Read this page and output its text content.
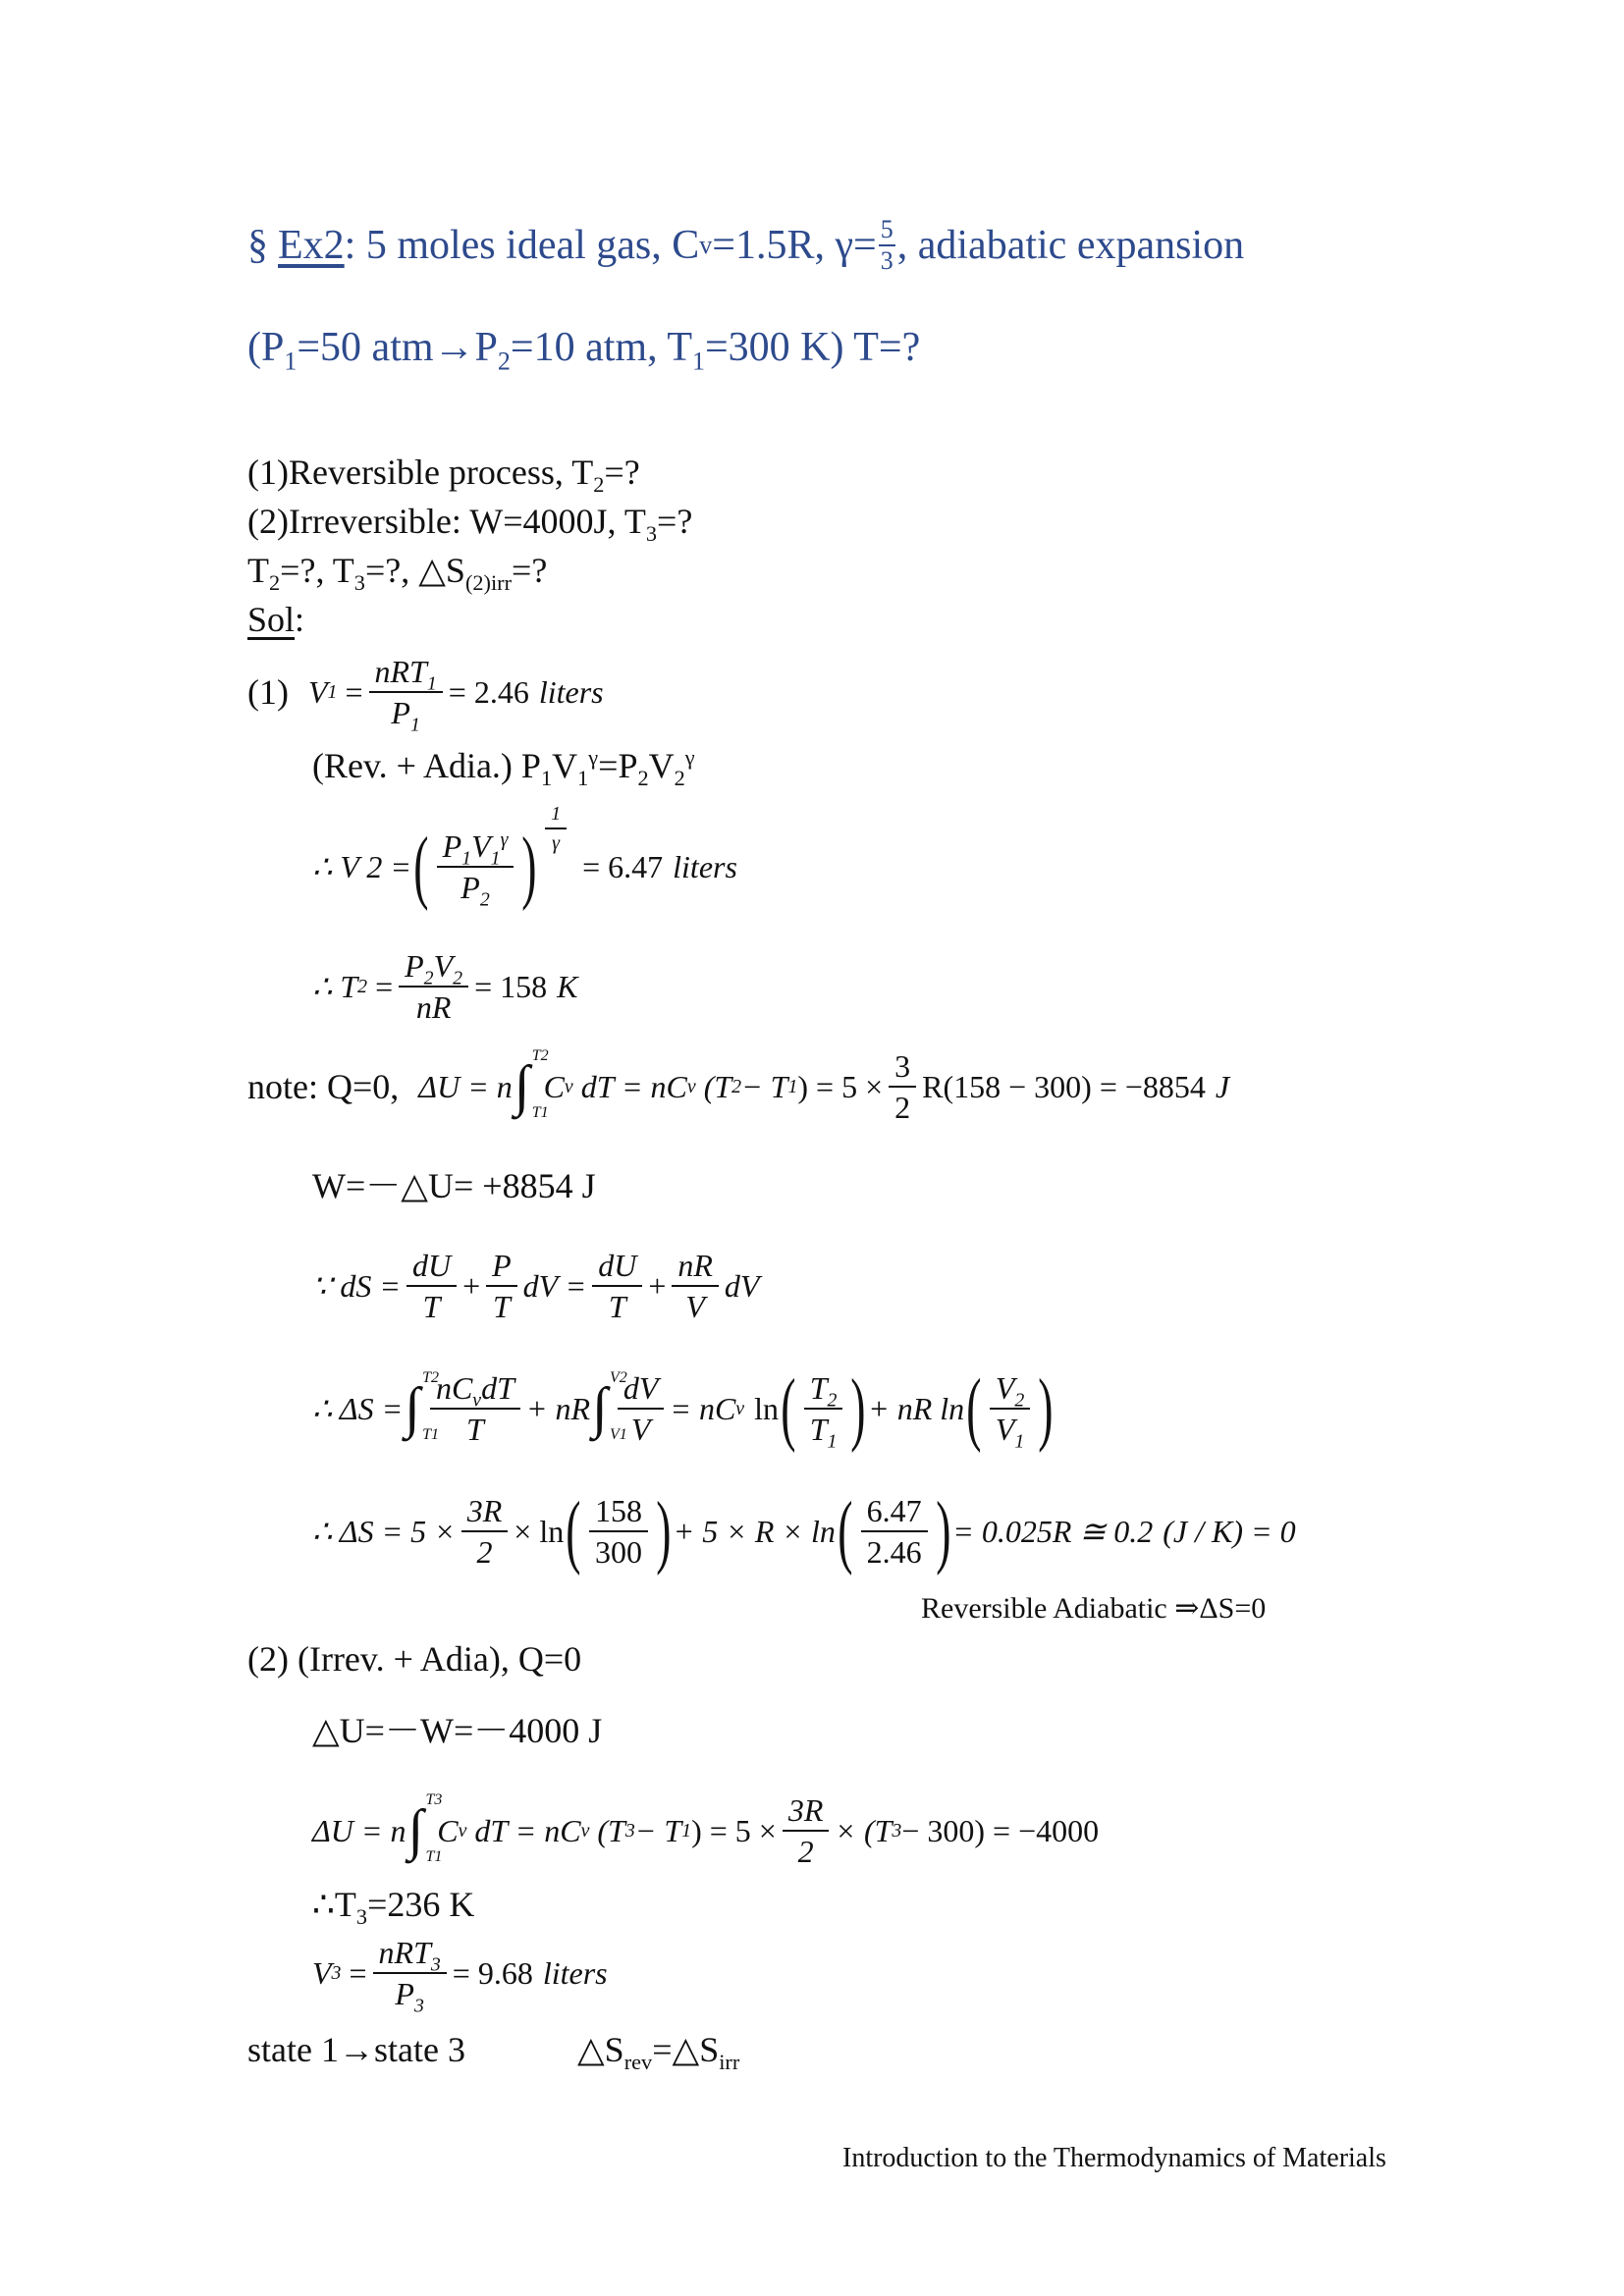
§ Ex2 : 5 moles ideal gas, C v =1.5R, $\gamma= \frac{5}{3}$ , adiabatic expansion
($P_1=50$ $atm\to P_2=10$ atm, $T_1=300$ K) T=?
(1)Reversible process, $T_2=$?
(2)Irreversible: W=4000J, $T_3=$?
$T_2=$?, $T_3=$?, $\triangle S_{(2)irr}=$?
Sol:
(1) V $1 = \frac{nRT_1}{P_1} = 2.46$ liters
(Rev. + Adia.) $P_1V_1^\gamma=P_2V_2^\gamma$
∴ V 2 = ( $\frac{P_1V_1^\gamma}{P_2}$ ) $\frac{1}{\gamma}$
= 6.47 liters
∴ T $2 = \frac{P_2V_2}{nR} = 158$ K
note: Q=0, ΔU = n ∫ T2
T1
C v
dT = nC v
(T 2 − T 1 ) = $5 \times \frac{3}{2} R(158 - 300) = -8854$ J
W=－△U= +8854 J
∵ dS = $\frac{dU}{T} + \frac{P}{T}$ dV = $\frac{dU}{T} + \frac{nR}{V}$ dV
∴ ΔS = ∫ T2
T1
$\frac{nC_vdT}{T}$ + nR ∫ V2
V1
$\frac{dV}{V}$ = nC v ln ( $\frac{T_2}{T_1}$ ) + nR ln ( $\frac{V_2}{V_1}$ )
∴ $\Delta S = 5 \times \frac{3R}{2} \times \ln$ ( $\frac{158}{300}$ ) + 5 × R × ln ( $\frac{6.47}{2.46}$ ) = 0.025R ≅ 0.2 (J / K) = 0
Reversible Adiabatic ⇒ΔS=0
(2) (Irrev. + Adia), Q=0
△U=－W=－4000 J
ΔU = n ∫ T3
T1
C v
dT = nC v
(T 3 − T 1 ) = $5 \times \frac{3R}{2} \times (T$ 3 − 300) = −4000
$\therefore T_3=236$ K
V $3 = \frac{nRT_3}{P_3} = 9.68$ liters
state 1→state 3	$\triangle S_{rev}=\triangle S_{irr}$
Introduction to the Thermodynamics of Materials
